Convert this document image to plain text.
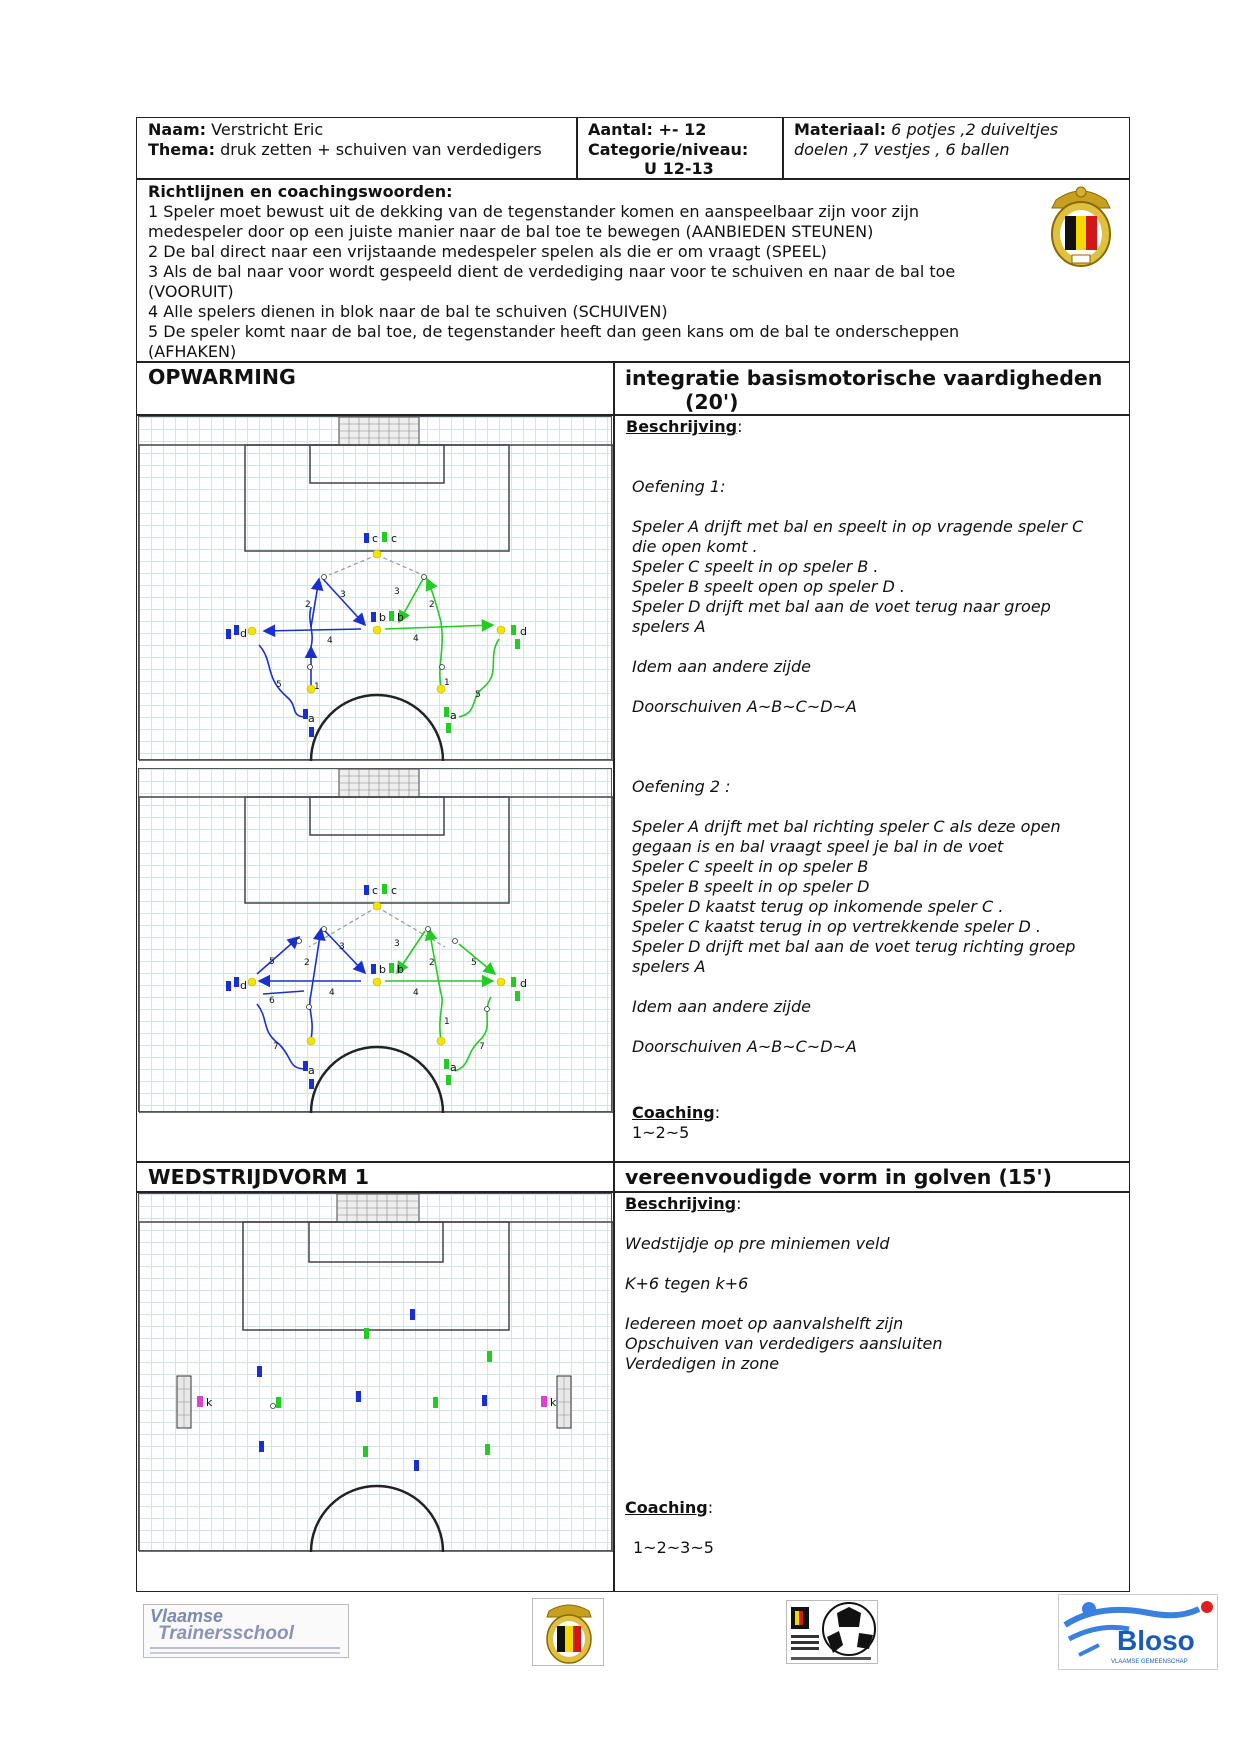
Naam: Verstricht Eric
Thema: druk zetten + schuiven van verdedigers
Aantal: +- 12
Categorie/niveau:
U 12-13
Materiaal: 6 potjes ,2 duiveltjes
doelen ,7 vestjes , 6 ballen
Richtlijnen en coachingswoorden:
1 Speler moet bewust uit de dekking van de tegenstander komen en aanspeelbaar zijn voor zijn
medespeler door op een juiste manier naar de bal toe te bewegen (AANBIEDEN STEUNEN)
2 De bal direct naar een vrijstaande medespeler spelen als die er om vraagt (SPEEL)
3 Als de bal naar voor wordt gespeeld dient de verdediging naar voor te schuiven en naar de bal toe
(VOORUIT)
4 Alle spelers dienen in blok naar de bal te schuiven (SCHUIVEN)
5 De speler komt naar de bal toe, de tegenstander heeft dan geen kans om de bal te onderscheppen
(AFHAKEN)
OPWARMING	integratie basismotorische vaardigheden
(20')
Beschrijving:

Oefening 1:

Speler A drijft met bal en speelt in op vragende speler C

die open komt .

Speler C speelt in op speler B .

Speler B speelt open op speler D .

Speler D drijft met bal aan de voet terug naar groep

spelers A

Idem aan andere zijde

Doorschuiven A~B~C~D~A

Oefening 2 :

Speler A drijft met bal richting speler C als deze open

gegaan is en bal vraagt speel je bal in de voet

Speler C speelt in op speler B

Speler B speelt in op speler D

Speler D kaatst terug op inkomende speler C .

Speler C kaatst terug in op vertrekkende speler D .

Speler D drijft met bal aan de voet terug richting groep

spelers A

Idem aan andere zijde

Doorschuiven A~B~C~D~A

Coaching:
1~2~5
c c
b b
d	d
a	a
2
3
4
5	1
3
2
4
1
5
c c
b b
d	d
a	a
5	2
3
4
6
7
3
2	5
4
1
7
WEDSTRIJDVORM 1	vereenvoudigde vorm in golven (15')
Beschrijving:

Wedstijdje op pre miniemen veld

K+6 tegen k+6

Iedereen moet op aanvalshelft zijn

Opschuiven van verdedigers aansluiten

Verdedigen in zone

Coaching:
1~2~3~5
k	k
Vlaamse
Trainersschool	Bloso
VLAAMSE GEMEENSCHAP
